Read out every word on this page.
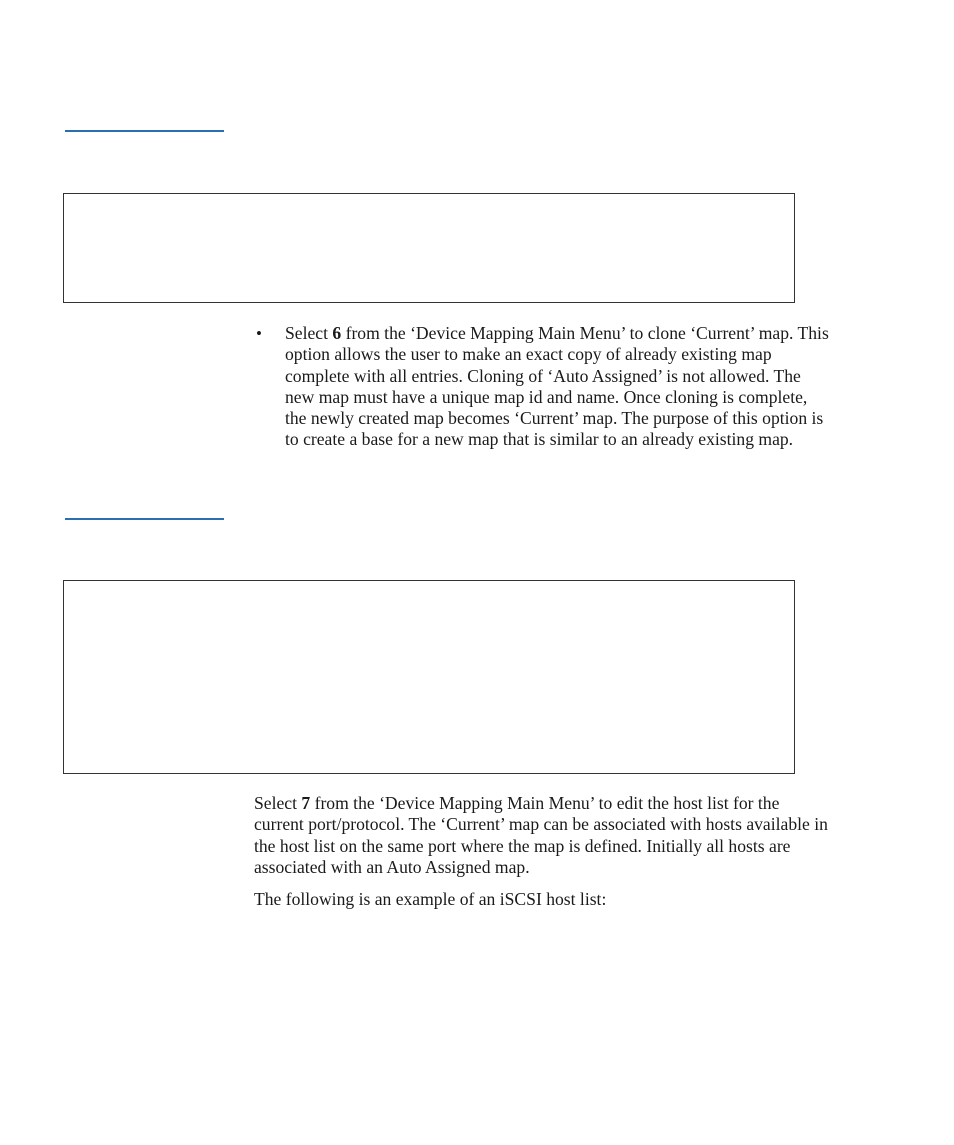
• Select 6 from the ‘Device Mapping Main Menu’ to clone ‘Current’ map. This option allows the user to make an exact copy of already existing map complete with all entries. Cloning of ‘Auto Assigned’ is not allowed. The new map must have a unique map id and name. Once cloning is complete, the newly created map becomes ‘Current’ map. The purpose of this option is to create a base for a new map that is similar to an already existing map.

Select 7 from the ‘Device Mapping Main Menu’ to edit the host list for the current port/protocol. The ‘Current’ map can be associated with hosts available in the host list on the same port where the map is defined. Initially all hosts are associated with an Auto Assigned map.

The following is an example of an iSCSI host list:
